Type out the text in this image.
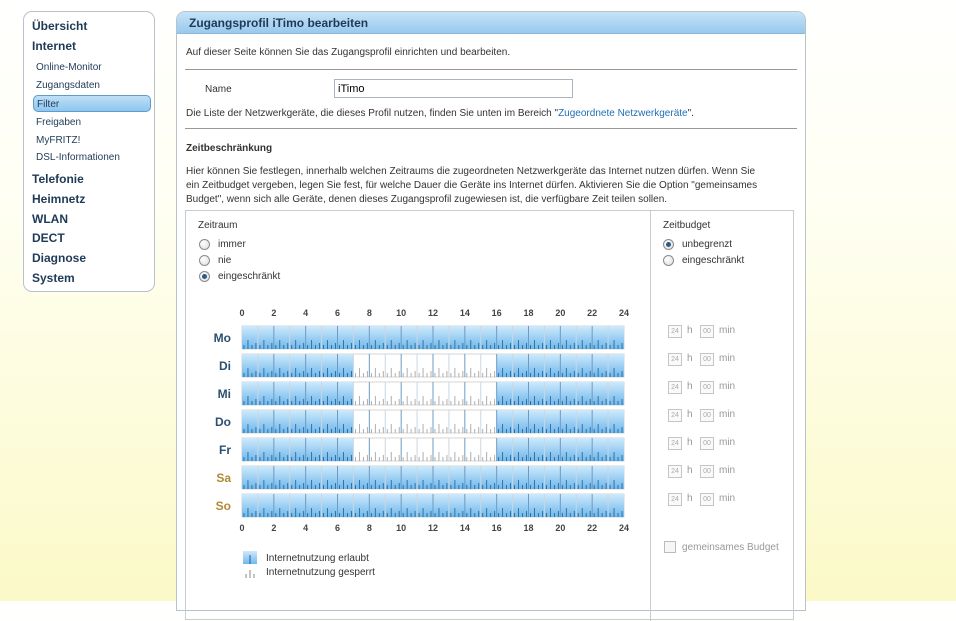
Übersicht
Internet
Online-Monitor
Zugangsdaten
Filter
Freigaben
MyFRITZ!
DSL-Informationen
Telefonie
Heimnetz
WLAN
DECT
Diagnose
System
Zugangsprofil iTimo bearbeiten
Auf dieser Seite können Sie das Zugangsprofil einrichten und bearbeiten.
Name
iTimo
Die Liste der Netzwerkgeräte, die dieses Profil nutzen, finden Sie unten im Bereich "Zugeordnete Netzwerkgeräte".
Zeitbeschränkung
Hier können Sie festlegen, innerhalb welchen Zeitraums die zugeordneten Netzwerkgeräte das Internet nutzen dürfen. Wenn Sie
ein Zeitbudget vergeben, legen Sie fest, für welche Dauer die Geräte ins Internet dürfen. Aktivieren Sie die Option "gemeinsames
Budget", wenn sich alle Geräte, denen dieses Zugangsprofil zugewiesen ist, die verfügbare Zeit teilen sollen.
Zeitraum
immer
nie
eingeschränkt
0
0
2
2
4
4
6
6
8
8
10
10
12
12
14
14
16
16
18
18
20
20
22
22
24
24
Mo
Di
Mi
Do
Fr
Sa
So
Internetnutzung erlaubt
Internetnutzung gesperrt
Zeitbudget
unbegrenzt
eingeschränkt
24 h	00 min
24 h	00 min
24 h	00 min
24 h	00 min
24 h	00 min
24 h	00 min
24 h	00 min
gemeinsames Budget
